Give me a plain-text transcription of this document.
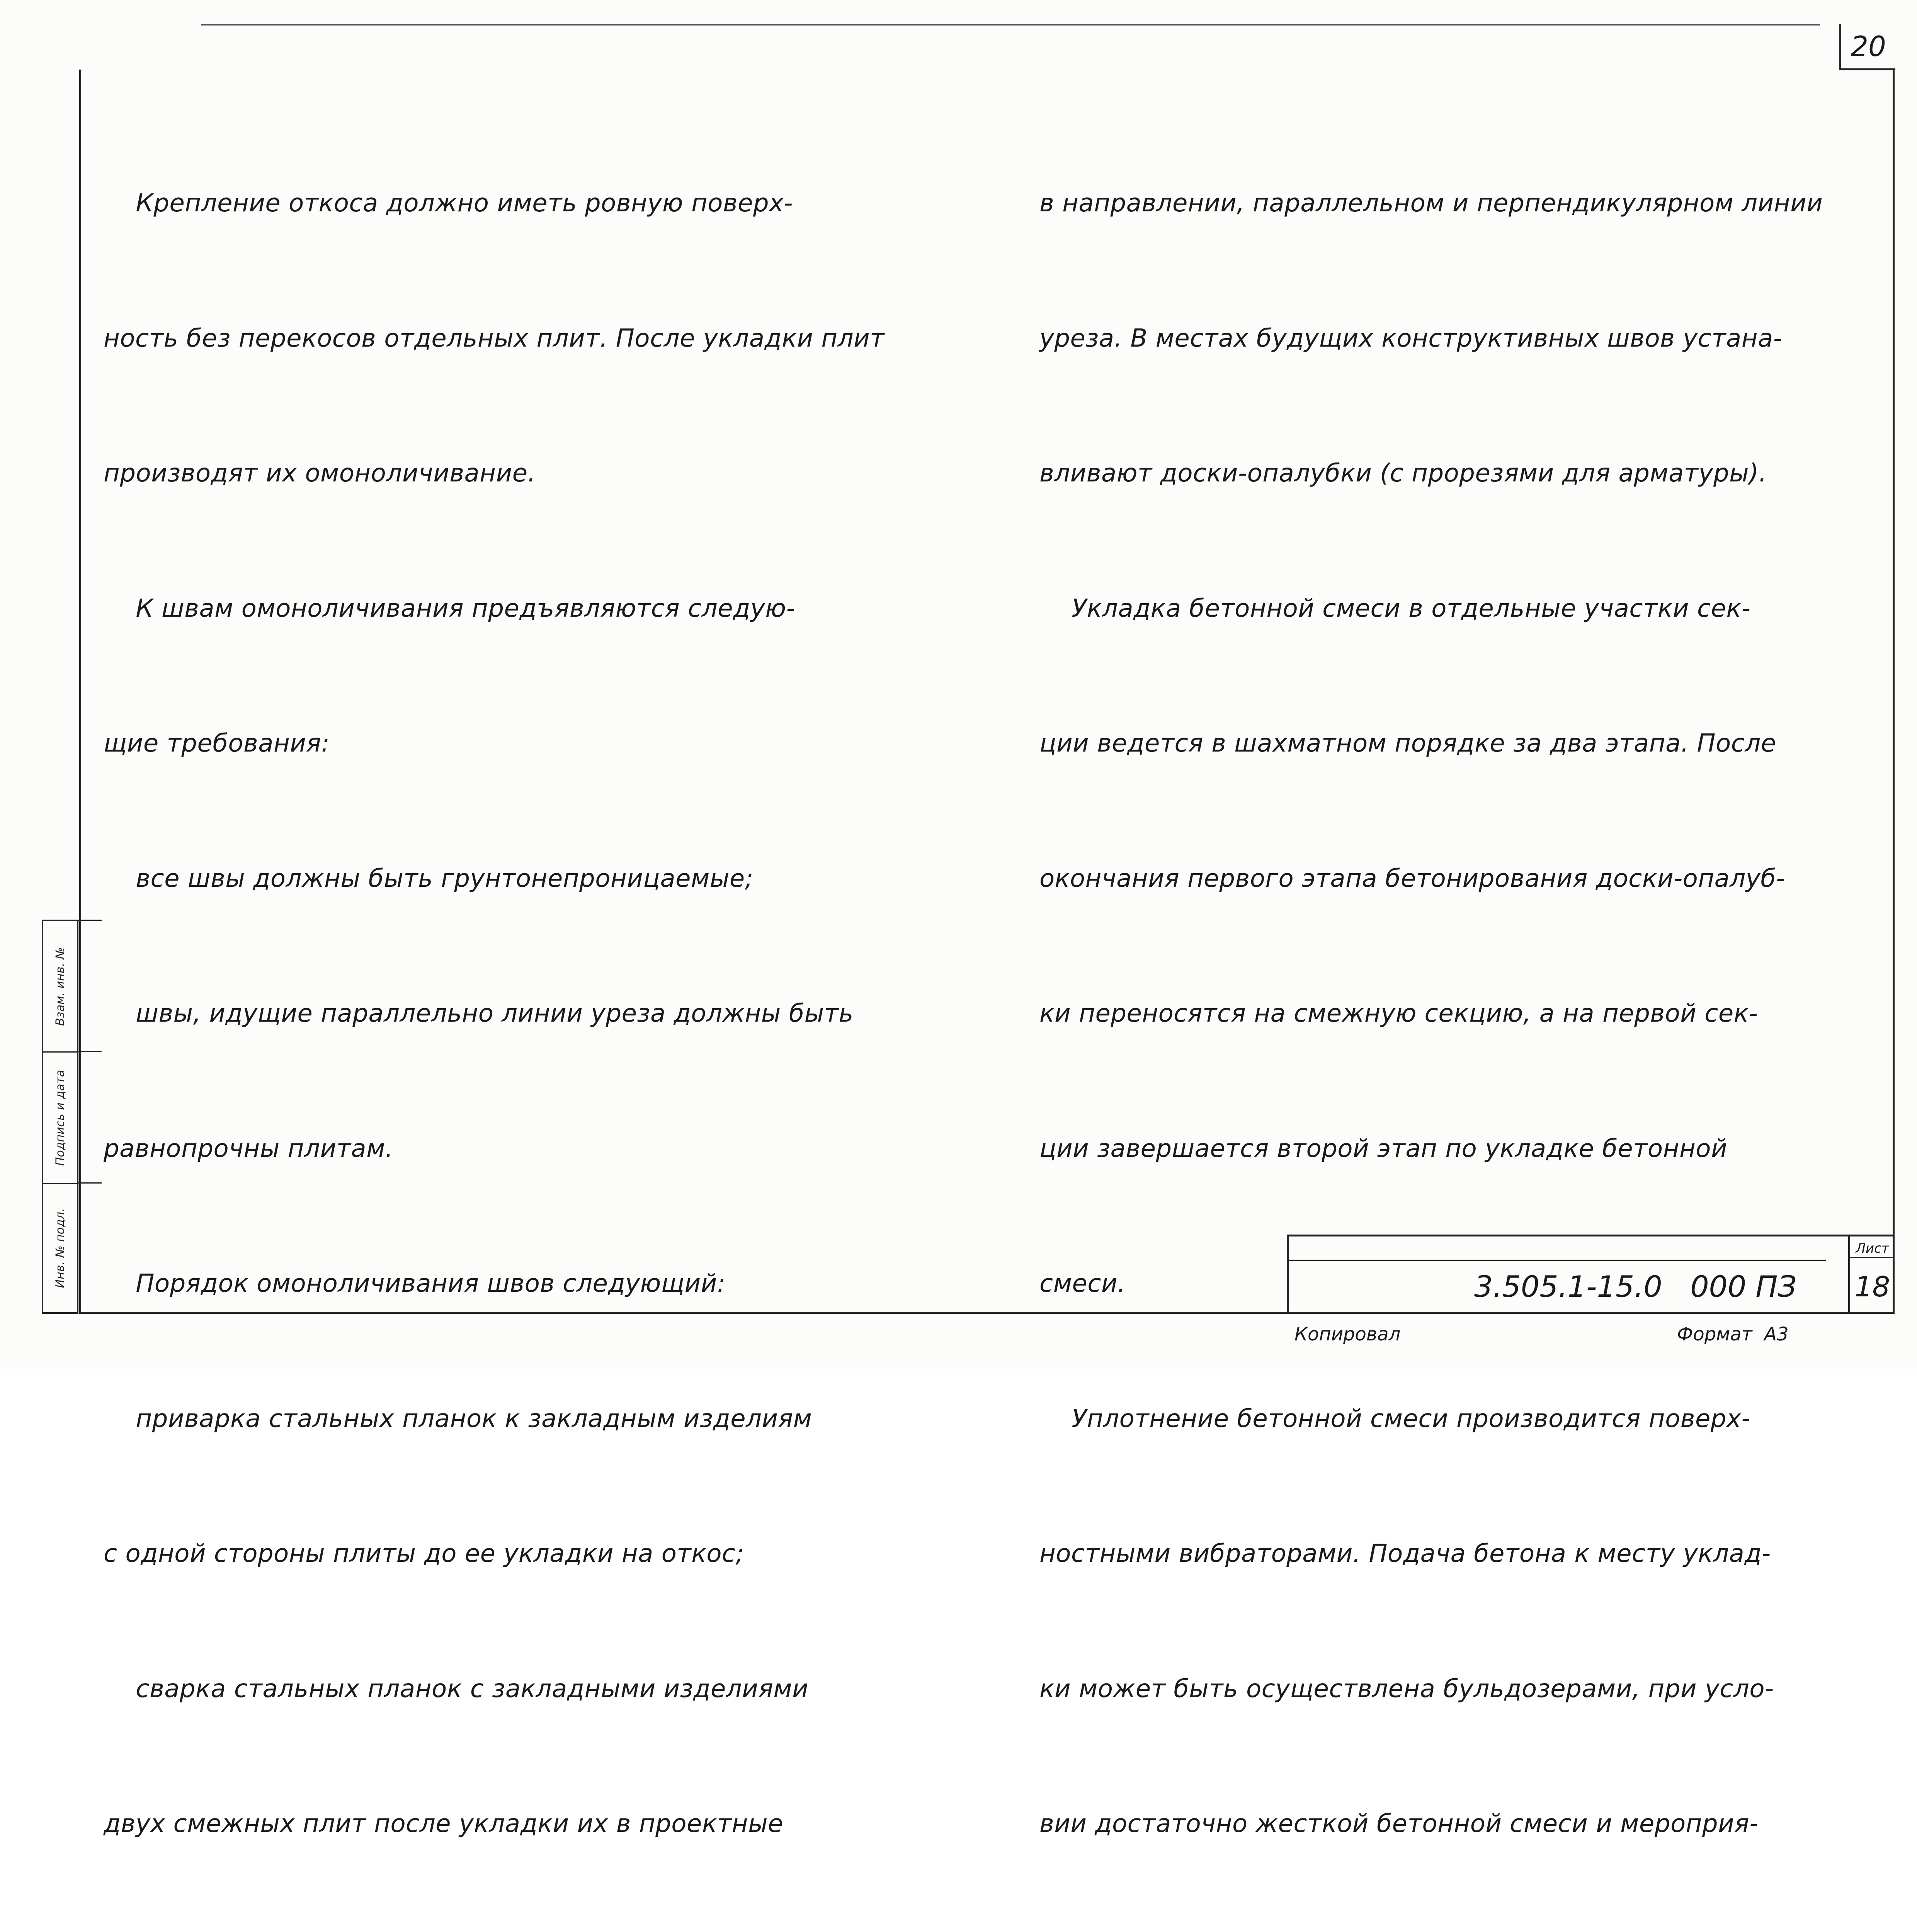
20

Крепление откоса должно иметь ровную поверх-

ность без перекосов отдельных плит. После укладки плит

производят их омоноличивание.

К швам омоноличивания предъявляются следую-

щие требования:

все швы должны быть грунтонепроницаемые;

швы, идущие параллельно линии уреза должны быть

равнопрочны плитам.

Порядок омоноличивания швов следующий:

приварка стальных планок к закладным изделиям

с одной стороны плиты до ее укладки на откос;

сварка стальных планок с закладными изделиями

двух смежных плит после укладки их в проектные

в направлении, параллельном и перпендикулярном линии

уреза. В местах будущих конструктивных швов устана-

вливают доски-опалубки (с прорезями для арматуры).

Укладка бетонной смеси в отдельные участки сек-

ции ведется в шахматном порядке за два этапа. После

окончания первого этапа бетонирования доски-опалуб-

ки переносятся на смежную секцию, а на первой сек-

ции завершается второй этап по укладке бетонной

смеси.

Уплотнение бетонной смеси производится поверх-

ностными вибраторами. Подача бетона к месту уклад-

ки может быть осуществлена бульдозерами, при усло-

вии достаточно жесткой бетонной смеси и мероприя-

Взам. инв. №
Подпись и дата
Инв. № подл.	3.505.1-15.0   000 ПЗ
Лист
18
Копировал	Формат  А3
